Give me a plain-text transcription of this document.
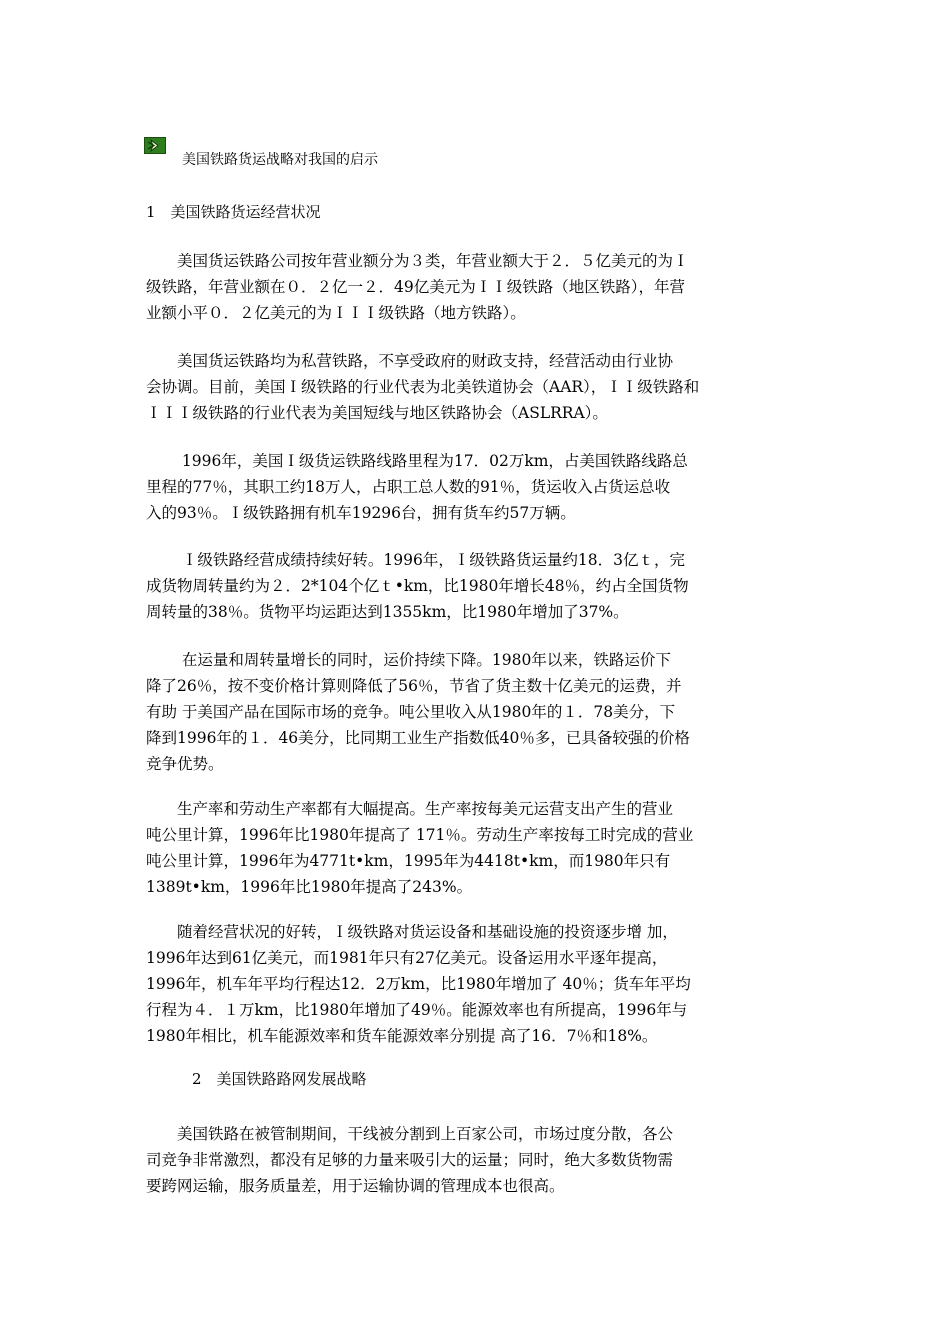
美国铁路货运战略对我国的启示
1　美国铁路货运经营状况
　　美国货运铁路公司按年营业额分为３类，年营业额大于２．５亿美元的为Ｉ
级铁路，年营业额在０．２亿一２．49亿美元为ＩＩ级铁路（地区铁路），年营
业额小平０．２亿美元的为ＩＩＩ级铁路（地方铁路）。
　　美国货运铁路均为私营铁路，不享受政府的财政支持，经营活动由行业协
会协调。目前，美国Ｉ级铁路的行业代表为北美铁道协会（AAR），ＩＩ级铁路和
ＩＩＩ级铁路的行业代表为美国短线与地区铁路协会（ASLRRA）。
　　 1996年，美国Ｉ级货运铁路线路里程为17．02万km，占美国铁路线路总
里程的77％，其职工约18万人，占职工总人数的91％，货运收入占货运总收
入的93％。Ｉ级铁路拥有机车19296台，拥有货车约57万辆。
　　 Ｉ级铁路经营成绩持续好转。1996年，Ｉ级铁路货运量约18．3亿ｔ，完
成货物周转量约为２．2*104个亿ｔ•km，比1980年增长48％，约占全国货物
周转量的38％。货物平均运距达到1355km，比1980年增加了37%。
　　 在运量和周转量增长的同时，运价持续下降。1980年以来，铁路运价下
降了26％，按不变价格计算则降低了56％，节省了货主数十亿美元的运费，并
有助 于美国产品在国际市场的竞争。吨公里收入从1980年的１．78美分，下
降到1996年的１．46美分，比同期工业生产指数低40％多，已具备较强的价格
竞争优势。
　　生产率和劳动生产率都有大幅提高。生产率按每美元运营支出产生的营业
吨公里计算，1996年比1980年提高了 171％。劳动生产率按每工时完成的营业
吨公里计算，1996年为4771t•km，1995年为4418t•km，而1980年只有
1389t•km，1996年比1980年提高了243%。
　　随着经营状况的好转，Ｉ级铁路对货运设备和基础设施的投资逐步增 加，
1996年达到61亿美元，而1981年只有27亿美元。设备运用水平逐年提高，
1996年，机车年平均行程达12．2万km，比1980年增加了 40％；货车年平均
行程为４．１万km，比1980年增加了49％。能源效率也有所提高，1996年与
1980年相比，机车能源效率和货车能源效率分别提 高了16．7％和18%。
2　美国铁路路网发展战略
　　美国铁路在被管制期间，干线被分割到上百家公司，市场过度分散，各公
司竞争非常激烈，都没有足够的力量来吸引大的运量；同时，绝大多数货物需
要跨网运输，服务质量差，用于运输协调的管理成本也很高。
